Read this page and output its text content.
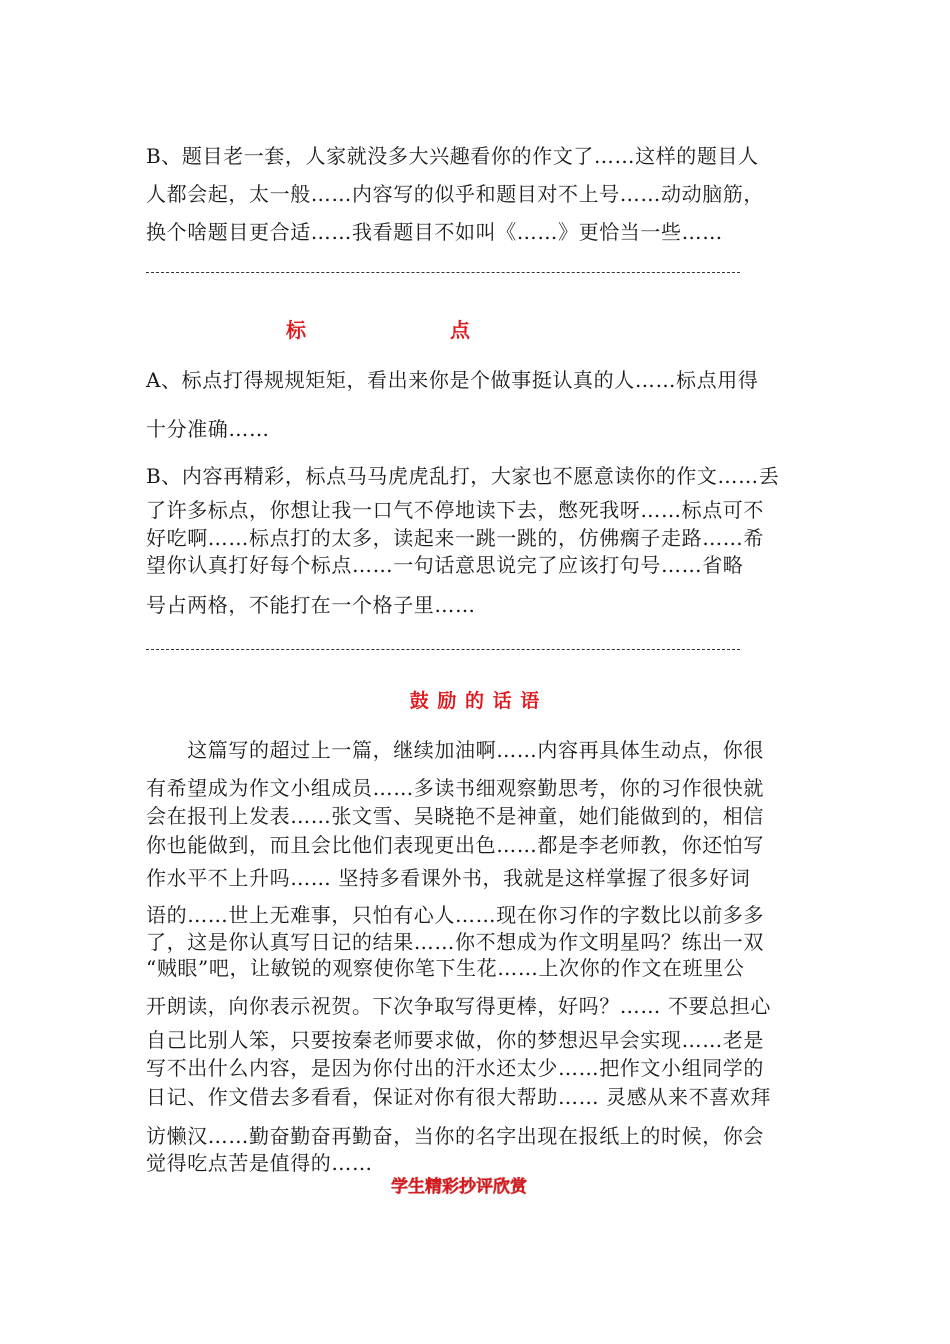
B、题目老一套，人家就没多大兴趣看你的作文了……这样的题目人
人都会起，太一般……内容写的似乎和题目对不上号……动动脑筋，
换个啥题目更合适……我看题目不如叫《……》更恰当一些……
标	点
A、标点打得规规矩矩，看出来你是个做事挺认真的人……标点用得
十分准确……
B、内容再精彩，标点马马虎虎乱打，大家也不愿意读你的作文……丢
了许多标点，你想让我一口气不停地读下去，憋死我呀……标点可不
好吃啊……标点打的太多，读起来一跳一跳的，仿佛瘸子走路……希
望你认真打好每个标点……一句话意思说完了应该打句号……省略
号占两格，不能打在一个格子里……
鼓 励 的 话 语
　　这篇写的超过上一篇，继续加油啊……内容再具体生动点，你很
有希望成为作文小组成员……多读书细观察勤思考，你的习作很快就
会在报刊上发表……张文雪、吴晓艳不是神童，她们能做到的，相信
你也能做到，而且会比他们表现更出色……都是李老师教，你还怕写
作水平不上升吗…… 坚持多看课外书，我就是这样掌握了很多好词
语的……世上无难事，只怕有心人……现在你习作的字数比以前多多
了，这是你认真写日记的结果……你不想成为作文明星吗？练出一双
“贼眼”吧，让敏锐的观察使你笔下生花……上次你的作文在班里公
开朗读，向你表示祝贺。下次争取写得更棒，好吗？…… 不要总担心
自己比别人笨，只要按秦老师要求做，你的梦想迟早会实现……老是
写不出什么内容，是因为你付出的汗水还太少……把作文小组同学的
日记、作文借去多看看，保证对你有很大帮助…… 灵感从来不喜欢拜
访懒汉……勤奋勤奋再勤奋，当你的名字出现在报纸上的时候，你会
觉得吃点苦是值得的……
学生精彩抄评欣赏
